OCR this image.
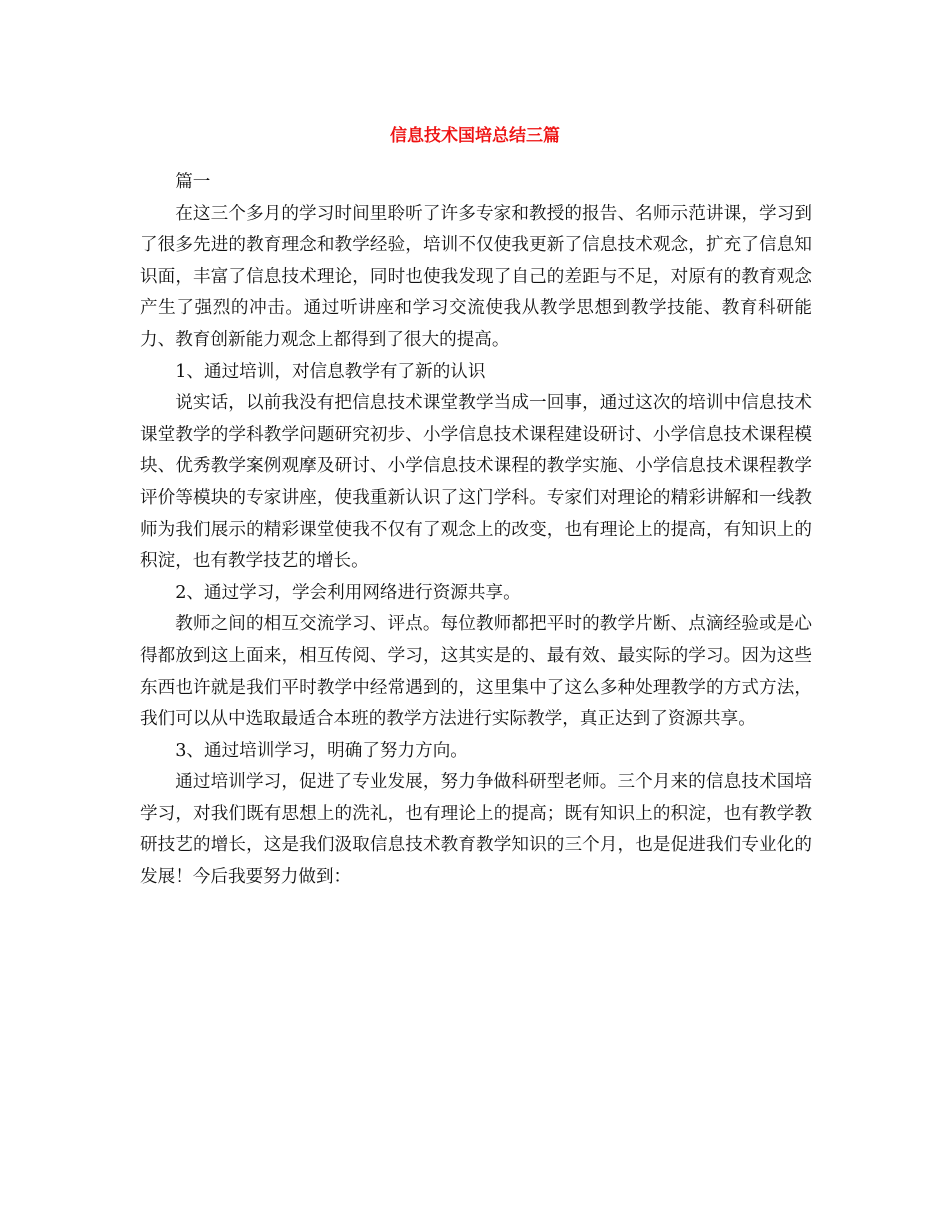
信息技术国培总结三篇

篇一

在这三个多月的学习时间里聆听了许多专家和教授的报告、名师示范讲课，学习到了很多先进的教育理念和教学经验，培训不仅使我更新了信息技术观念，扩充了信息知识面，丰富了信息技术理论，同时也使我发现了自己的差距与不足，对原有的教育观念产生了强烈的冲击。通过听讲座和学习交流使我从教学思想到教学技能、教育科研能力、教育创新能力观念上都得到了很大的提高。

1、通过培训，对信息教学有了新的认识

说实话，以前我没有把信息技术课堂教学当成一回事，通过这次的培训中信息技术课堂教学的学科教学问题研究初步、小学信息技术课程建设研讨、小学信息技术课程模块、优秀教学案例观摩及研讨、小学信息技术课程的教学实施、小学信息技术课程教学评价等模块的专家讲座，使我重新认识了这门学科。专家们对理论的精彩讲解和一线教师为我们展示的精彩课堂使我不仅有了观念上的改变，也有理论上的提高，有知识上的积淀，也有教学技艺的增长。

2、通过学习，学会利用网络进行资源共享。

教师之间的相互交流学习、评点。每位教师都把平时的教学片断、点滴经验或是心得都放到这上面来，相互传阅、学习，这其实是的、最有效、最实际的学习。因为这些东西也许就是我们平时教学中经常遇到的，这里集中了这么多种处理教学的方式方法，我们可以从中选取最适合本班的教学方法进行实际教学，真正达到了资源共享。

3、通过培训学习，明确了努力方向。

通过培训学习，促进了专业发展，努力争做科研型老师。三个月来的信息技术国培学习，对我们既有思想上的洗礼，也有理论上的提高；既有知识上的积淀，也有教学教研技艺的增长，这是我们汲取信息技术教育教学知识的三个月，也是促进我们专业化的发展！今后我要努力做到：
